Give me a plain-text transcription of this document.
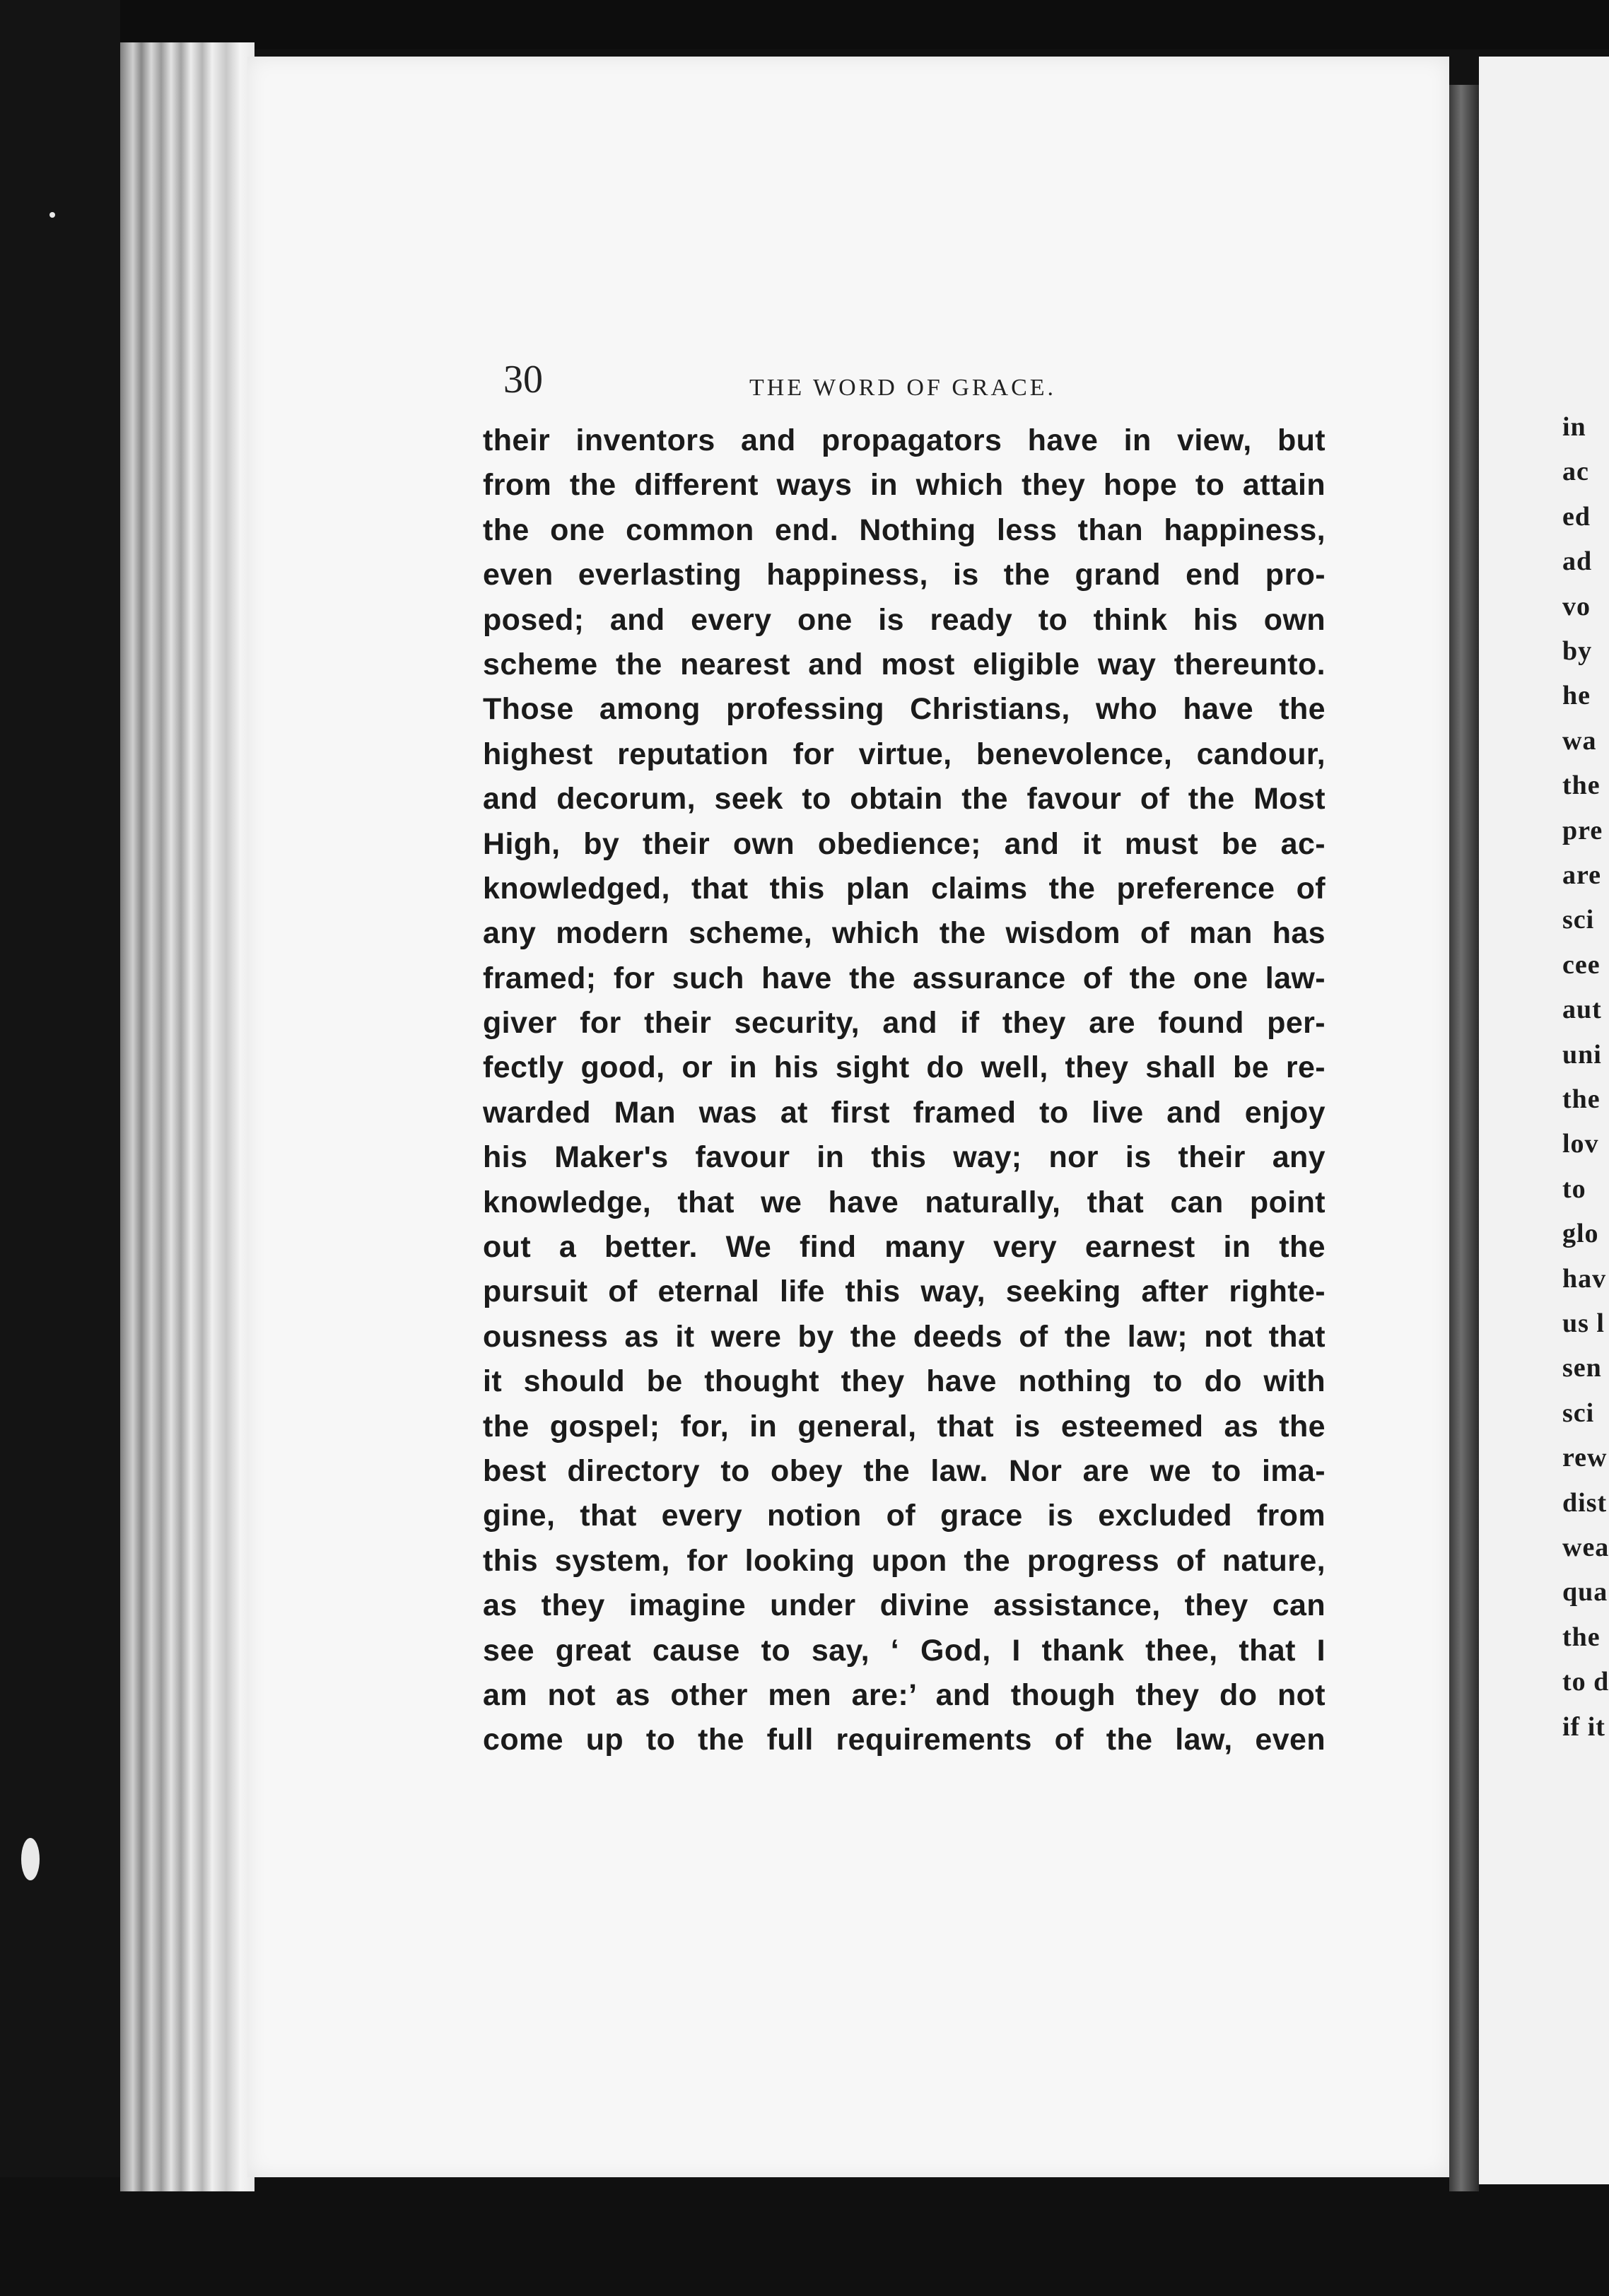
in
ac
ed
ad
vo
by
he
wa
the
pre
are
sci
cee
aut
uni
the
lov
to
glo
hav
us l
sen
sci
rew
dist
wea
qua
the
to d
if it
30	THE WORD OF GRACE.
their inventors and propagators have in view, but
from the different ways in which they hope to attain
the one common end. Nothing less than happiness,
even everlasting happiness, is the grand end pro-
posed; and every one is ready to think his own
scheme the nearest and most eligible way thereunto.
Those among professing Christians, who have the
highest reputation for virtue, benevolence, candour,
and decorum, seek to obtain the favour of the Most
High, by their own obedience; and it must be ac-
knowledged, that this plan claims the preference of
any modern scheme, which the wisdom of man has
framed; for such have the assurance of the one law-
giver for their security, and if they are found per-
fectly good, or in his sight do well, they shall be re-
warded Man was at first framed to live and enjoy
his Maker's favour in this way; nor is their any
knowledge, that we have naturally, that can point
out a better. We find many very earnest in the
pursuit of eternal life this way, seeking after righte-
ousness as it were by the deeds of the law; not that
it should be thought they have nothing to do with
the gospel; for, in general, that is esteemed as the
best directory to obey the law. Nor are we to ima-
gine, that every notion of grace is excluded from
this system, for looking upon the progress of nature,
as they imagine under divine assistance, they can
see great cause to say, ‘ God, I thank thee, that I
am not as other men are:’ and though they do not
come up to the full requirements of the law, even
